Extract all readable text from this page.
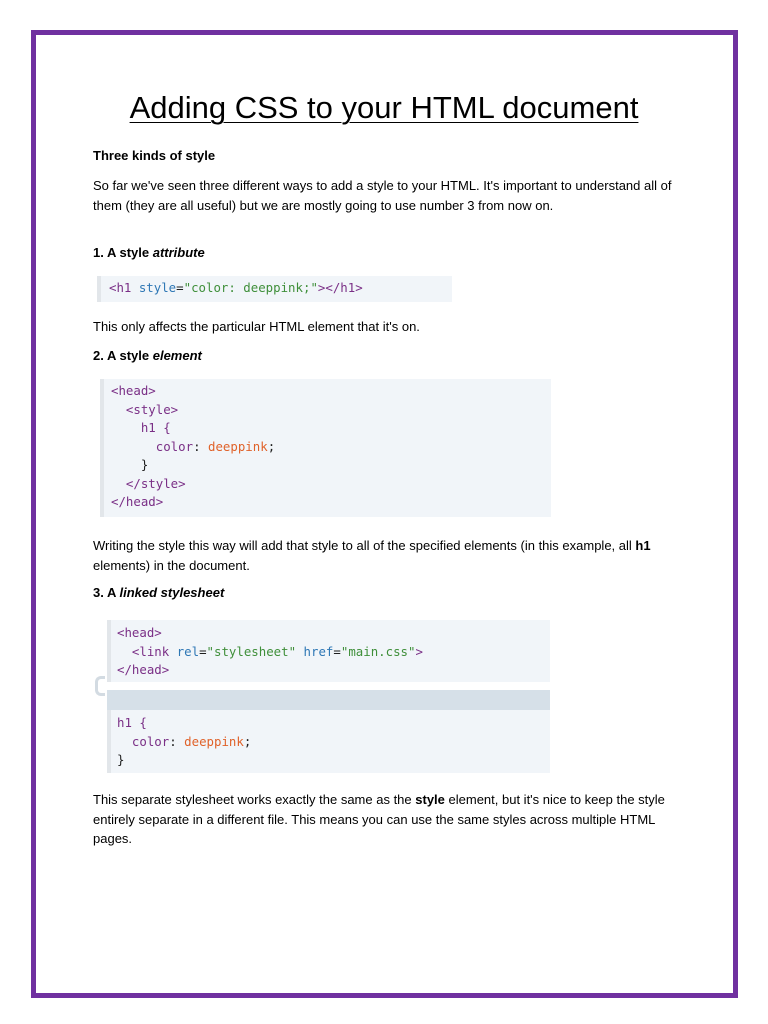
Adding CSS to your HTML document
Three kinds of style
So far we've seen three different ways to add a style to your HTML. It's important to understand all of them (they are all useful) but we are mostly going to use number 3 from now on.
1. A style attribute
<h1 style="color: deeppink;"></h1>
This only affects the particular HTML element that it's on.
2. A style element
<head>
<style>
h1 {
color: deeppink;
}
</style>
</head>
Writing the style this way will add that style to all of the specified elements (in this example, all h1 elements) in the document.
3. A linked stylesheet
<head>
<link rel="stylesheet" href="main.css">
</head>
h1 {
color: deeppink;
}
This separate stylesheet works exactly the same as the style element, but it's nice to keep the style entirely separate in a different file. This means you can use the same styles across multiple HTML pages.
